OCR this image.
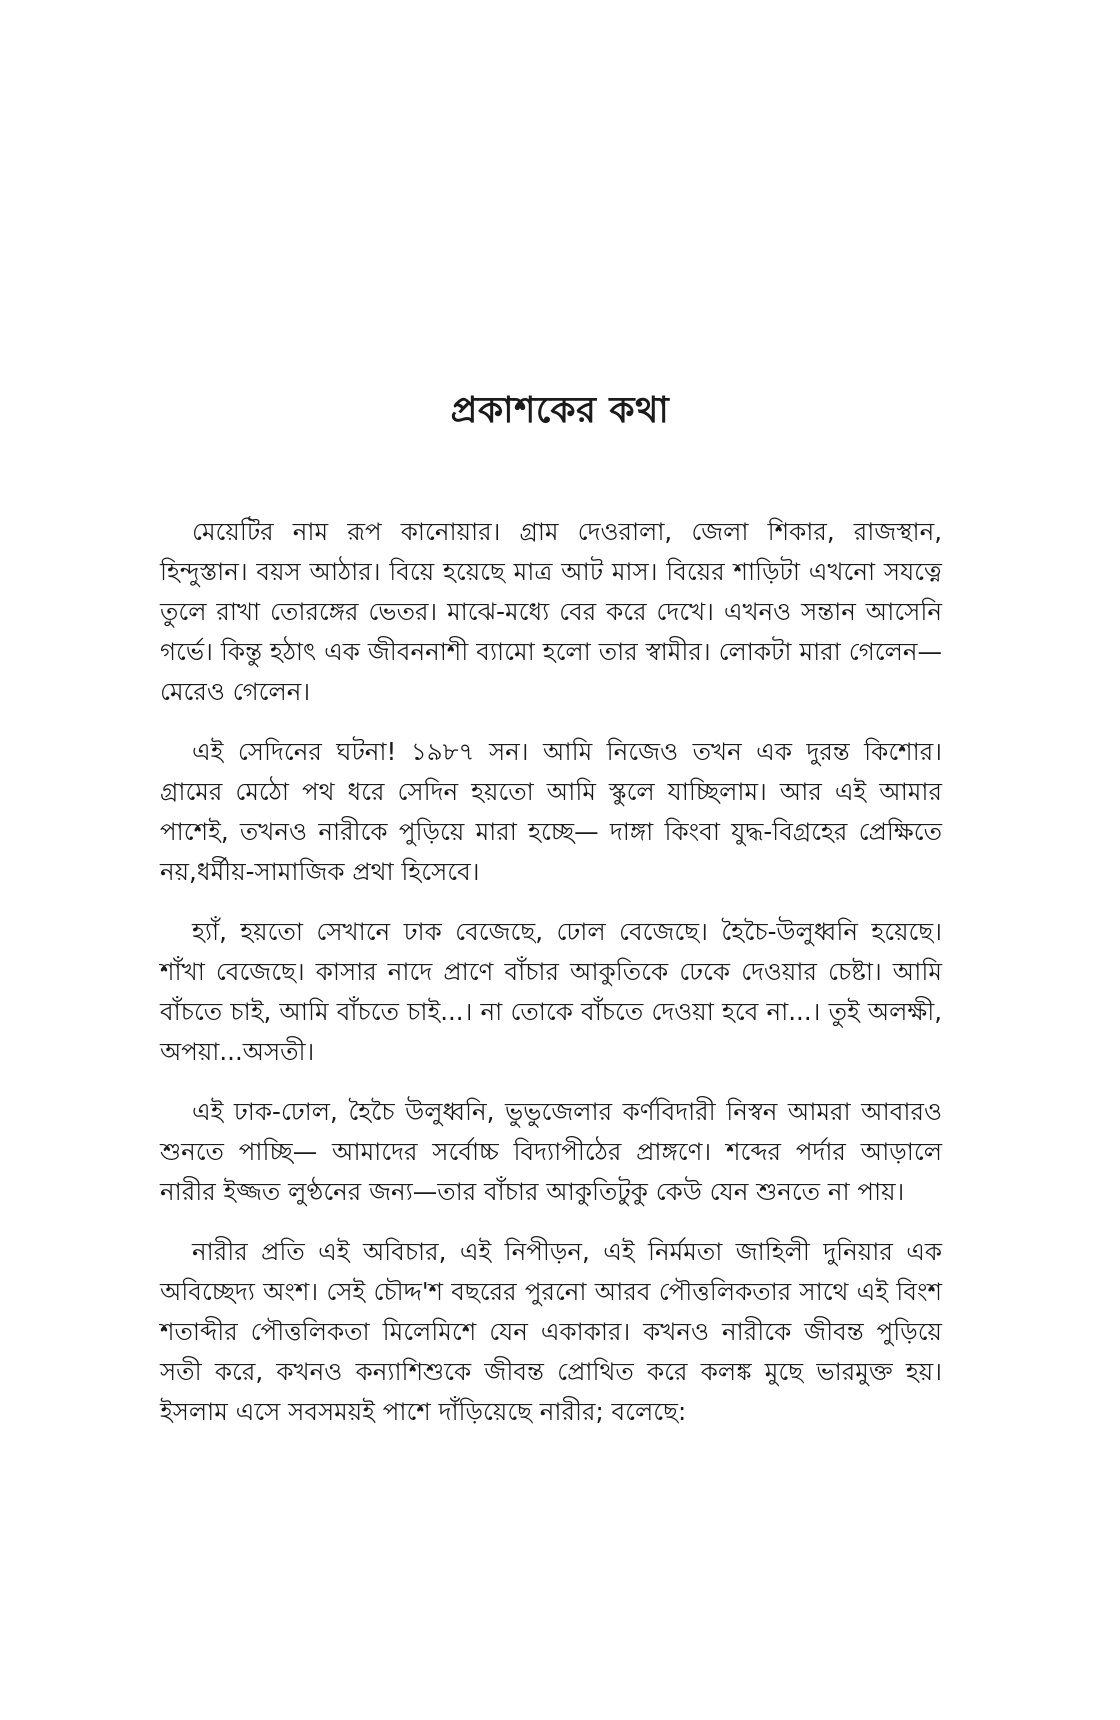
প্রকাশকের কথা

মেয়েটির নাম রূপ কানোয়ার। গ্রাম দেওরালা, জেলা শিকার, রাজস্থান, হিন্দুস্তান। বয়স আঠার। বিয়ে হয়েছে মাত্র আট মাস। বিয়ের শাড়িটা এখনো সযত্নে তুলে রাখা তোরঙ্গের ভেতর। মাঝে-মধ্যে বের করে দেখে। এখনও সন্তান আসেনি গর্ভে। কিন্তু হঠাৎ এক জীবননাশী ব্যামো হলো তার স্বামীর। লোকটা মারা গেলেন—মেরেও গেলেন।

এই সেদিনের ঘটনা! ১৯৮৭ সন। আমি নিজেও তখন এক দুরন্ত কিশোর। গ্রামের মেঠো পথ ধরে সেদিন হয়তো আমি স্কুলে যাচ্ছিলাম। আর এই আমার পাশেই, তখনও নারীকে পুড়িয়ে মারা হচ্ছে— দাঙ্গা কিংবা যুদ্ধ-বিগ্রহের প্রেক্ষিতে নয়,ধর্মীয়-সামাজিক প্রথা হিসেবে।

হ্যাঁ, হয়তো সেখানে ঢাক বেজেছে, ঢোল বেজেছে। হৈচৈ-উলুধ্বনি হয়েছে। শাঁখা বেজেছে। কাসার নাদে প্রাণে বাঁচার আকুতিকে ঢেকে দেওয়ার চেষ্টা। আমি বাঁচতে চাই, আমি বাঁচতে চাই...। না তোকে বাঁচতে দেওয়া হবে না...। তুই অলক্ষী, অপয়া...অসতী।

এই ঢাক-ঢোল, হৈচৈ উলুধ্বনি, ভুভুজেলার কর্ণবিদারী নিস্বন আমরা আবারও শুনতে পাচ্ছি— আমাদের সর্বোচ্চ বিদ্যাপীঠের প্রাঙ্গণে। শব্দের পর্দার আড়ালে নারীর ইজ্জত লুণ্ঠনের জন্য—তার বাঁচার আকুতিটুকু কেউ যেন শুনতে না পায়।

নারীর প্রতি এই অবিচার, এই নিপীড়ন, এই নির্মমতা জাহিলী দুনিয়ার এক অবিচ্ছেদ্য অংশ। সেই চৌদ্দ'শ বছরের পুরনো আরব পৌত্তলিকতার সাথে এই বিংশ শতাব্দীর পৌত্তলিকতা মিলেমিশে যেন একাকার। কখনও নারীকে জীবন্ত পুড়িয়ে সতী করে, কখনও কন্যাশিশুকে জীবন্ত প্রোথিত করে কলঙ্ক মুছে ভারমুক্ত হয়। ইসলাম এসে সবসময়ই পাশে দাঁড়িয়েছে নারীর; বলেছে:
